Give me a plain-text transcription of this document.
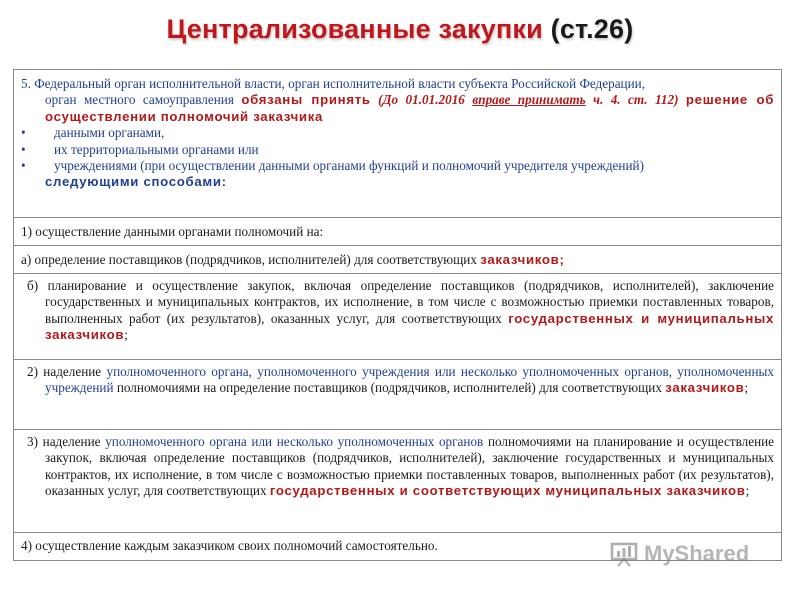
Централизованные закупки (ст.26)
5. Федеральный орган исполнительной власти, орган исполнительной власти субъекта Российской Федерации,
орган местного самоуправления обязаны принять (До 01.01.2016 вправе принимать ч. 4. ст. 112) решение об осуществлении полномочий заказчика
• данными органами,
• их территориальными органами или
• учреждениями (при осуществлении данными органами функций и полномочий учредителя учреждений)
следующими способами:
1) осуществление данными органами полномочий на:
а) определение поставщиков (подрядчиков, исполнителей) для соответствующих заказчиков;
б) планирование и осуществление закупок, включая определение поставщиков (подрядчиков, исполнителей), заключение государственных и муниципальных контрактов, их исполнение, в том числе с возможностью приемки поставленных товаров, выполненных работ (их результатов), оказанных услуг, для соответствующих государственных и муниципальных заказчиков;
2) наделение уполномоченного органа, уполномоченного учреждения или несколько уполномоченных органов, уполномоченных учреждений полномочиями на определение поставщиков (подрядчиков, исполнителей) для соответствующих заказчиков;
3) наделение уполномоченного органа или несколько уполномоченных органов полномочиями на планирование и осуществление закупок, включая определение поставщиков (подрядчиков, исполнителей), заключение государственных и муниципальных контрактов, их исполнение, в том числе с возможностью приемки поставленных товаров, выполненных работ (их результатов), оказанных услуг, для соответствующих государственных и соответствующих муниципальных заказчиков;
4) осуществление каждым заказчиком своих полномочий самостоятельно.	MyShared
